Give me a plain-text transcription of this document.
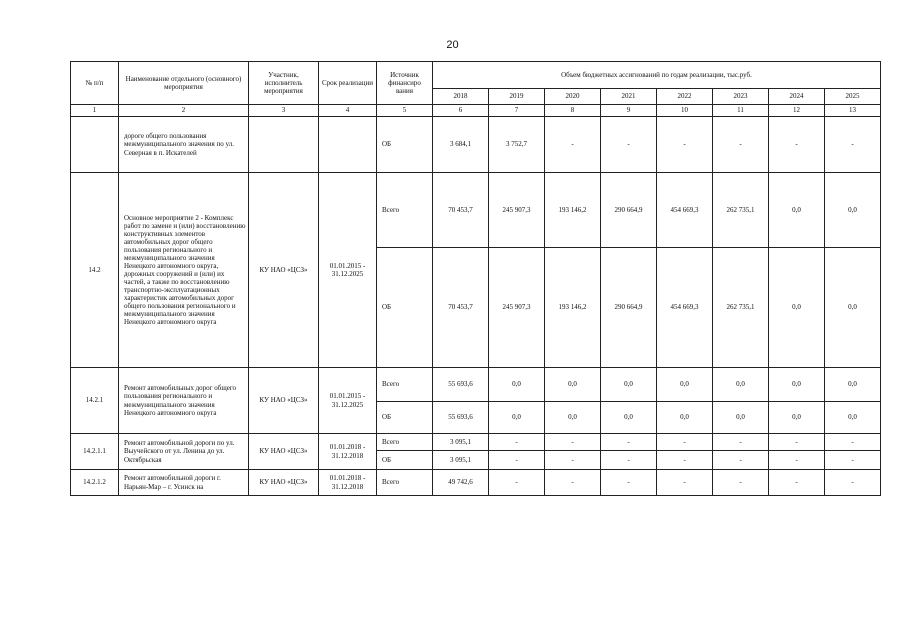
20
№ п/п	Наименование отдельного (основного) мероприятия	Участник, исполнитель мероприятия	Срок реализации	Источник финансиро вания	Объем бюджетных ассигнований по годам реализации, тыс.руб.							
					2018	2019	2020	2021	2022	2023	2024	2025
1	2	3	4	5	6	7	8	9	10	11	12	13
	дороге общего пользования межмуниципального значения по ул. Северная в п. Искателей			ОБ	3 684,1	3 752,7	-	-	-	-	-	-
14.2	Основное мероприятие 2 - Комплекс работ по замене и (или) восстановлению конструктивных элементов автомобильных дорог общего пользования регионального и межмуниципального значения Ненецкого автономного округа, дорожных сооружений и (или) их частей, а также по восстановлению транспортно-эксплуатационных характеристик автомобильных дорог общего пользования регионального и межмуниципального значения Ненецкого автономного округа	КУ НАО «ЦСЗ»	01.01.2015 - 31.12.2025	Всего	70 453,7	245 907,3	193 146,2	290 664,9	454 669,3	262 735,1	0,0	0,0
				ОБ	70 453,7	245 907,3	193 146,2	290 664,9	454 669,3	262 735,1	0,0	0,0
14.2.1	Ремонт автомобильных дорог общего пользования регионального и межмуниципального значения Ненецкого автономного округа	КУ НАО «ЦСЗ»	01.01.2015 - 31.12.2025	Всего	55 693,6	0,0	0,0	0,0	0,0	0,0	0,0	0,0
				ОБ	55 693,6	0,0	0,0	0,0	0,0	0,0	0,0	0,0
14.2.1.1	Ремонт автомобильной дороги по ул. Выучейского от ул. Ленина до ул. Октябрьская	КУ НАО «ЦСЗ»	01.01.2018 - 31.12.2018	Всего	3 095,1	-	-	-	-	-	-	-
				ОБ	3 095,1	-	-	-	-	-	-	-
14.2.1.2	Ремонт автомобильной дороги г. Нарьян-Мар – г. Усинск на	КУ НАО «ЦСЗ»	01.01.2018 - 31.12.2018	Всего	49 742,6	-	-	-	-	-	-	-
